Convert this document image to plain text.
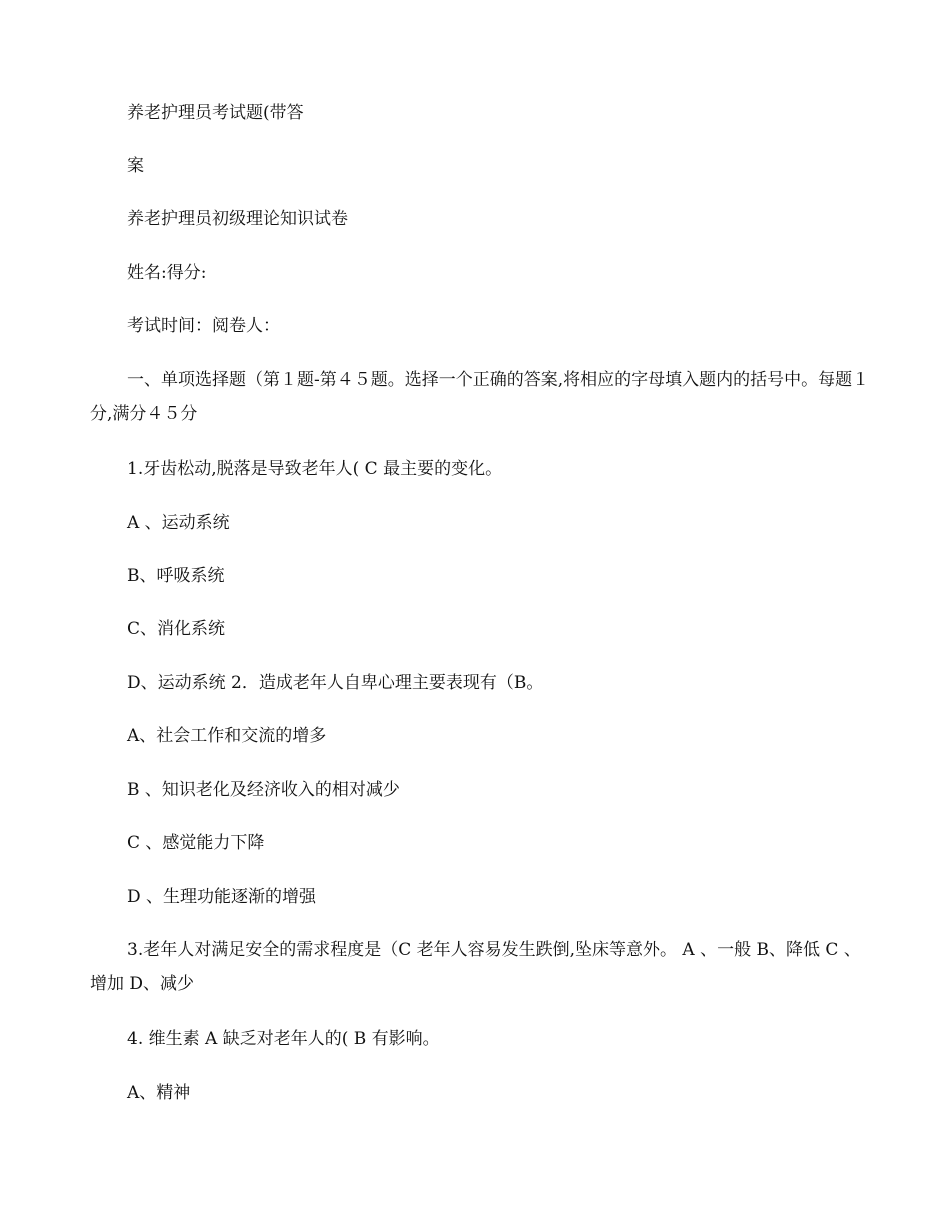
养老护理员考试题(带答

案

养老护理员初级理论知识试卷

姓名:得分:

考试时间：阅卷人：

一、单项选择题（第１题-第４５题。选择一个正确的答案,将相应的字母填入题内的括号中。每题１分,满分４５分

1.牙齿松动,脱落是导致老年人( C 最主要的变化。

A 、运动系统

B、呼吸系统

C、消化系统

D、运动系统 2．造成老年人自卑心理主要表现有（B。

A、社会工作和交流的增多

B 、知识老化及经济收入的相对减少

C 、感觉能力下降

D 、生理功能逐渐的增强

3.老年人对满足安全的需求程度是（C 老年人容易发生跌倒,坠床等意外。 A 、一般 B、降低 C 、增加 D、减少

4. 维生素 A 缺乏对老年人的( B 有影响。

A、精神
